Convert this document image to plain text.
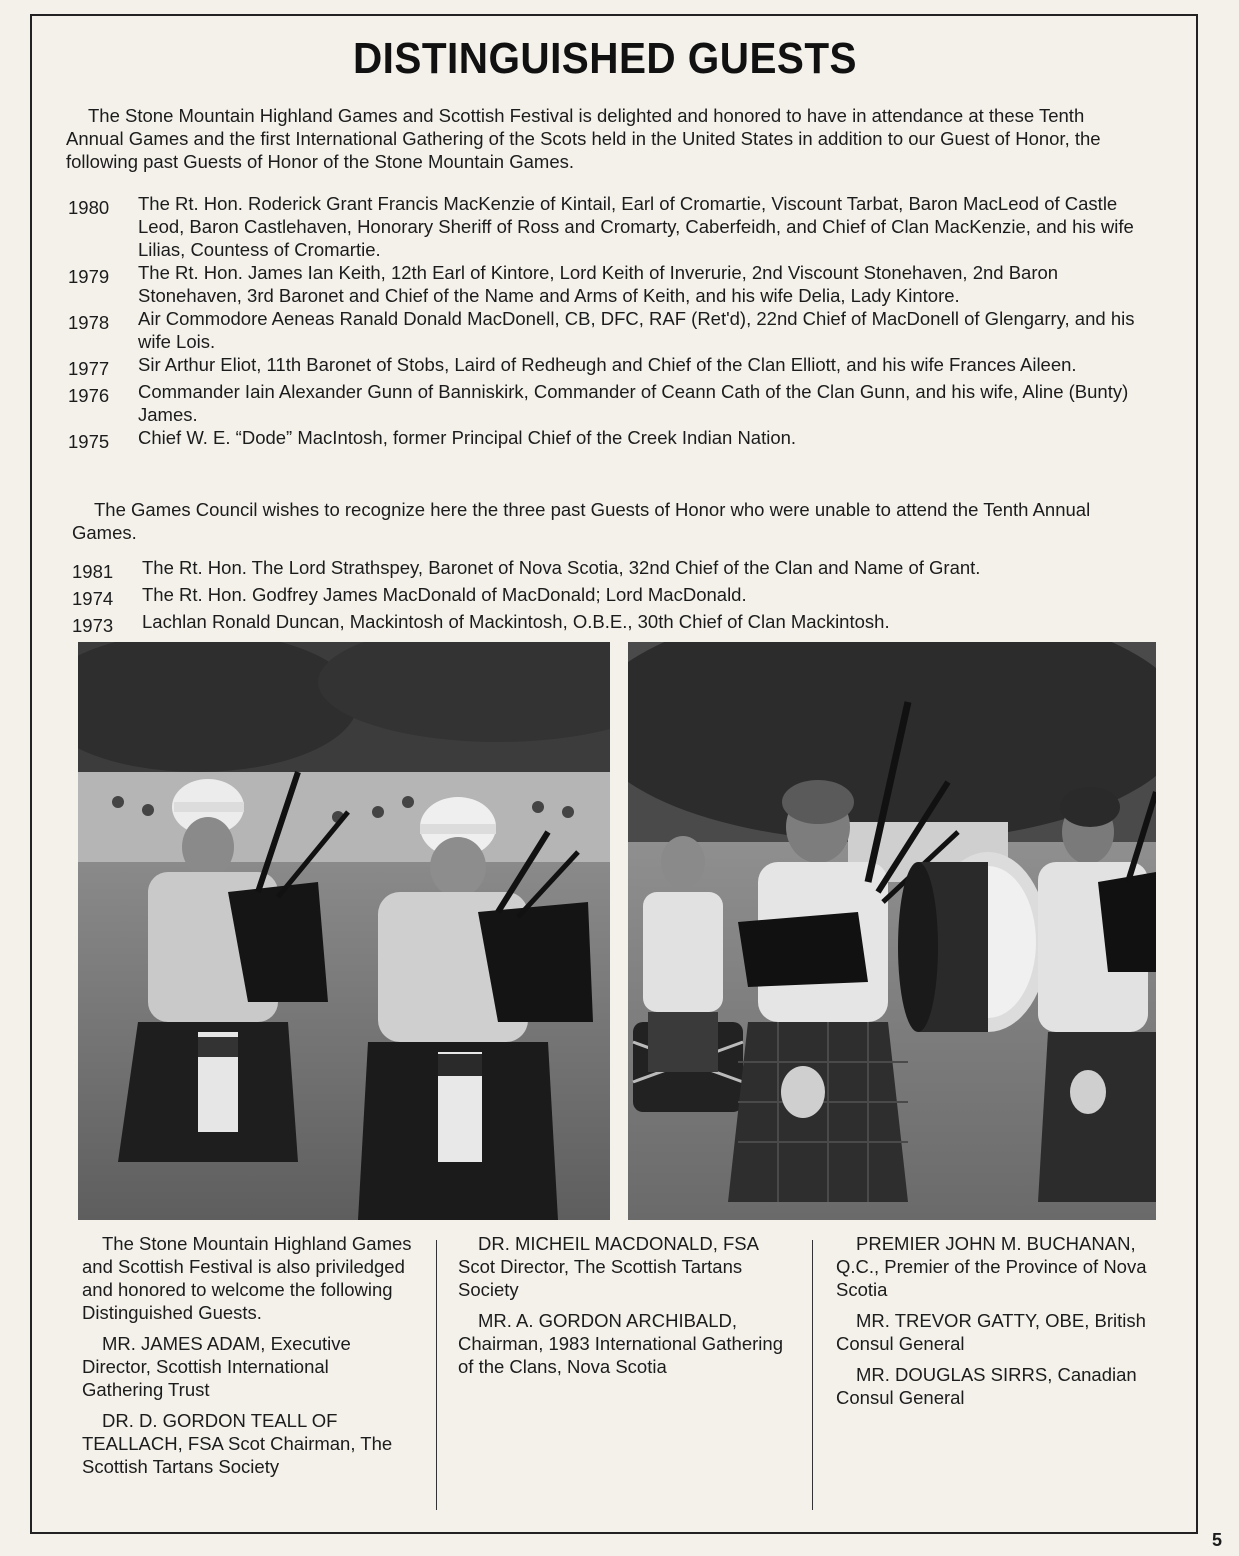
DISTINGUISHED GUESTS

The Stone Mountain Highland Games and Scottish Festival is delighted and honored to have in attendance at these Tenth Annual Games and the first International Gathering of the Scots held in the United States in addition to our Guest of Honor, the following past Guests of Honor of the Stone Mountain Games.

1980	The Rt. Hon. Roderick Grant Francis MacKenzie of Kintail, Earl of Cromartie, Viscount Tarbat, Baron MacLeod of Castle Leod, Baron Castlehaven, Honorary Sheriff of Ross and Cromarty, Caberfeidh, and Chief of Clan MacKenzie, and his wife Lilias, Countess of Cromartie.
1979	The Rt. Hon. James Ian Keith, 12th Earl of Kintore, Lord Keith of Inverurie, 2nd Viscount Stonehaven, 2nd Baron Stonehaven, 3rd Baronet and Chief of the Name and Arms of Keith, and his wife Delia, Lady Kintore.
1978	Air Commodore Aeneas Ranald Donald MacDonell, CB, DFC, RAF (Ret'd), 22nd Chief of MacDonell of Glengarry, and his wife Lois.
1977	Sir Arthur Eliot, 11th Baronet of Stobs, Laird of Redheugh and Chief of the Clan Elliott, and his wife Frances Aileen.
1976	Commander Iain Alexander Gunn of Banniskirk, Commander of Ceann Cath of the Clan Gunn, and his wife, Aline (Bunty) James.
1975	Chief W. E. “Dode” MacIntosh, former Principal Chief of the Creek Indian Nation.

The Games Council wishes to recognize here the three past Guests of Honor who were unable to attend the Tenth Annual Games.

1981	The Rt. Hon. The Lord Strathspey, Baronet of Nova Scotia, 32nd Chief of the Clan and Name of Grant.
1974	The Rt. Hon. Godfrey James MacDonald of MacDonald; Lord MacDonald.
1973	Lachlan Ronald Duncan, Mackintosh of Mackintosh, O.B.E., 30th Chief of Clan Mackintosh.

The Stone Mountain Highland Games and Scottish Festival is also priviledged and honored to welcome the following Distinguished Guests.

MR. JAMES ADAM, Executive Director, Scottish International Gathering Trust

DR. D. GORDON TEALL OF TEALLACH, FSA Scot Chairman, The Scottish Tartans Society

DR. MICHEIL MACDONALD, FSA Scot Director, The Scottish Tartans Society

MR. A. GORDON ARCHIBALD, Chairman, 1983 International Gathering of the Clans, Nova Scotia

PREMIER JOHN M. BUCHANAN, Q.C., Premier of the Province of Nova Scotia

MR. TREVOR GATTY, OBE, British Consul General

MR. DOUGLAS SIRRS, Canadian Consul General

5
